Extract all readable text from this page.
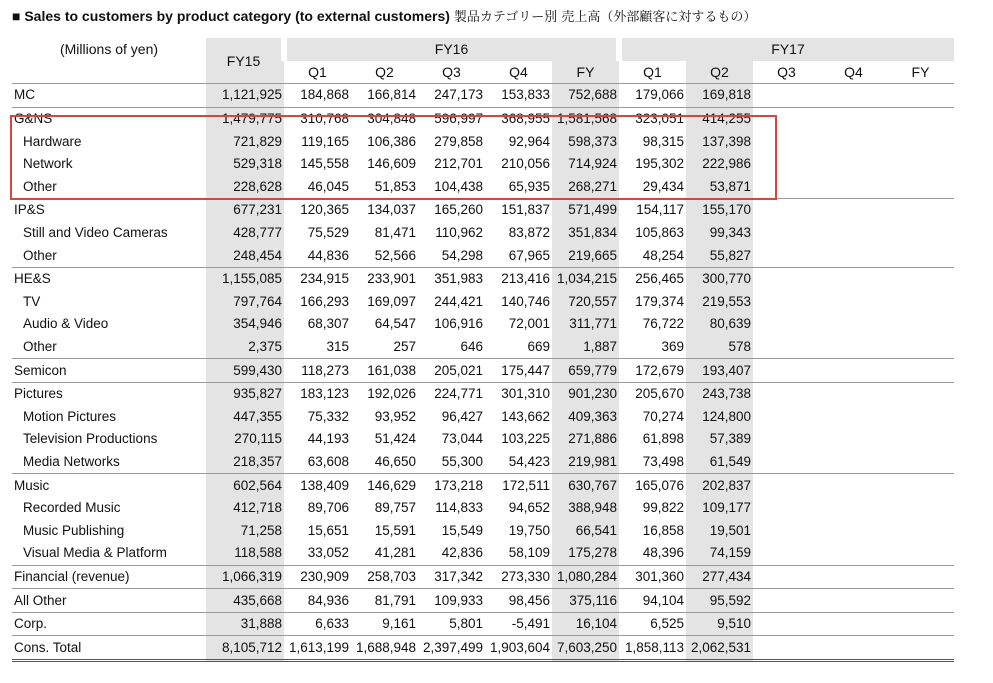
■ Sales to customers by product category (to external customers) 製品カテゴリー別 売上高（外部顧客に対するもの）
(Millions of yen)	FY15	FY16					FY17				
		Q1	Q2	Q3	Q4	FY	Q1	Q2	Q3	Q4	FY
MC	1,121,925	184,868	166,814	247,173	153,833	752,688	179,066	169,818			
G&NS	1,479,775	310,768	304,848	596,997	368,955	1,581,568	323,051	414,255			
Hardware	721,829	119,165	106,386	279,858	92,964	598,373	98,315	137,398			
Network	529,318	145,558	146,609	212,701	210,056	714,924	195,302	222,986			
Other	228,628	46,045	51,853	104,438	65,935	268,271	29,434	53,871			
IP&S	677,231	120,365	134,037	165,260	151,837	571,499	154,117	155,170			
Still and Video Cameras	428,777	75,529	81,471	110,962	83,872	351,834	105,863	99,343			
Other	248,454	44,836	52,566	54,298	67,965	219,665	48,254	55,827			
HE&S	1,155,085	234,915	233,901	351,983	213,416	1,034,215	256,465	300,770			
TV	797,764	166,293	169,097	244,421	140,746	720,557	179,374	219,553			
Audio & Video	354,946	68,307	64,547	106,916	72,001	311,771	76,722	80,639			
Other	2,375	315	257	646	669	1,887	369	578			
Semicon	599,430	118,273	161,038	205,021	175,447	659,779	172,679	193,407			
Pictures	935,827	183,123	192,026	224,771	301,310	901,230	205,670	243,738			
Motion Pictures	447,355	75,332	93,952	96,427	143,662	409,363	70,274	124,800			
Television Productions	270,115	44,193	51,424	73,044	103,225	271,886	61,898	57,389			
Media Networks	218,357	63,608	46,650	55,300	54,423	219,981	73,498	61,549			
Music	602,564	138,409	146,629	173,218	172,511	630,767	165,076	202,837			
Recorded Music	412,718	89,706	89,757	114,833	94,652	388,948	99,822	109,177			
Music Publishing	71,258	15,651	15,591	15,549	19,750	66,541	16,858	19,501			
Visual Media & Platform	118,588	33,052	41,281	42,836	58,109	175,278	48,396	74,159			
Financial (revenue)	1,066,319	230,909	258,703	317,342	273,330	1,080,284	301,360	277,434			
All Other	435,668	84,936	81,791	109,933	98,456	375,116	94,104	95,592			
Corp.	31,888	6,633	9,161	5,801	-5,491	16,104	6,525	9,510			
Cons. Total	8,105,712	1,613,199	1,688,948	2,397,499	1,903,604	7,603,250	1,858,113	2,062,531			
